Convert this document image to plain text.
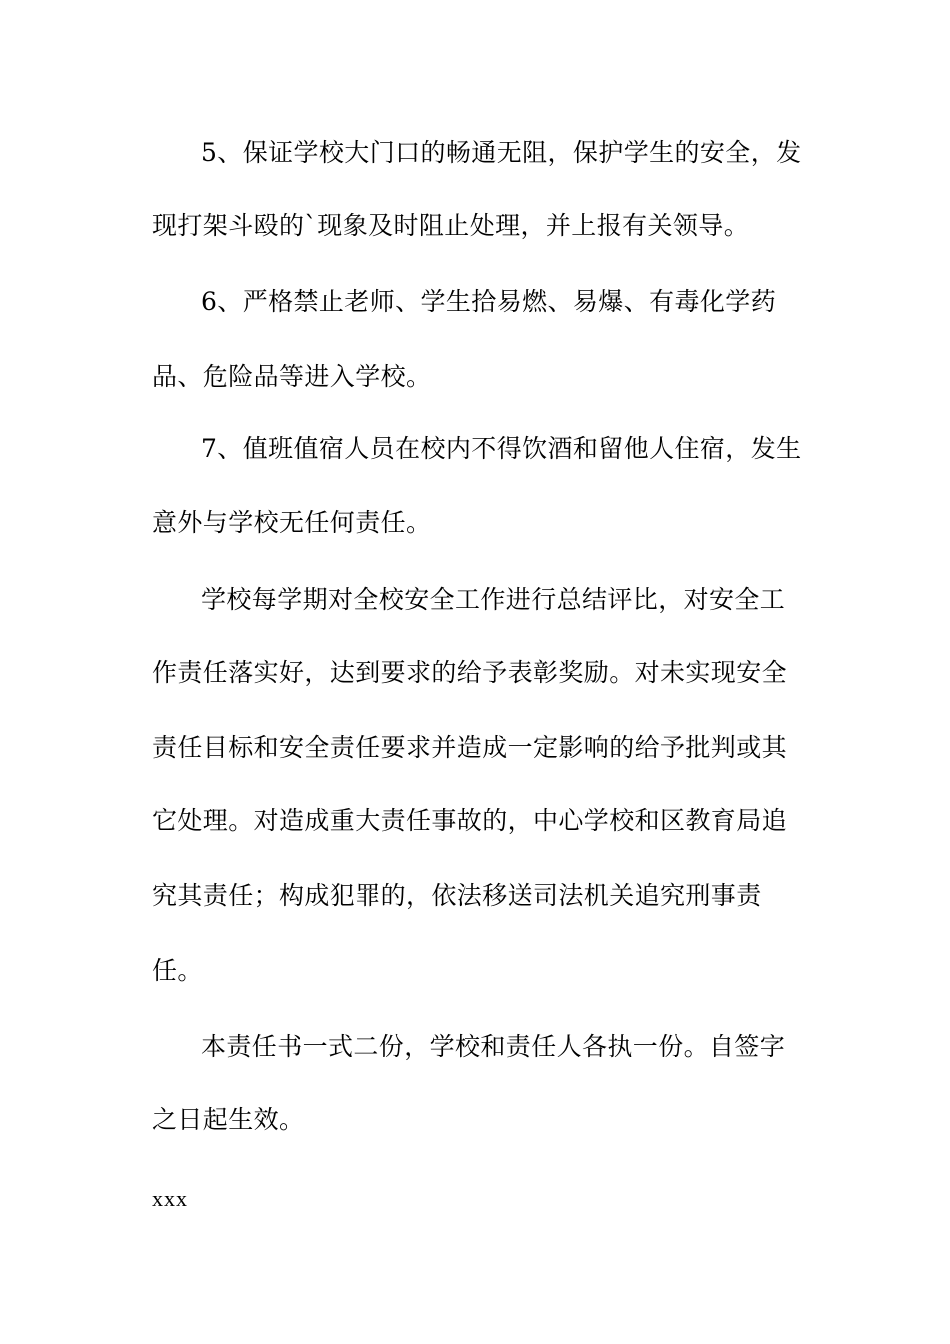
5、保证学校大门口的畅通无阻，保护学生的安全，发
现打架斗殴的`现象及时阻止处理，并上报有关领导。
6、严格禁止老师、学生拾易燃、易爆、有毒化学药
品、危险品等进入学校。
7、值班值宿人员在校内不得饮酒和留他人住宿，发生
意外与学校无任何责任。
学校每学期对全校安全工作进行总结评比，对安全工
作责任落实好，达到要求的给予表彰奖励。对未实现安全
责任目标和安全责任要求并造成一定影响的给予批判或其
它处理。对造成重大责任事故的，中心学校和区教育局追
究其责任；构成犯罪的，依法移送司法机关追究刑事责
任。
本责任书一式二份，学校和责任人各执一份。自签字
之日起生效。
xxx
